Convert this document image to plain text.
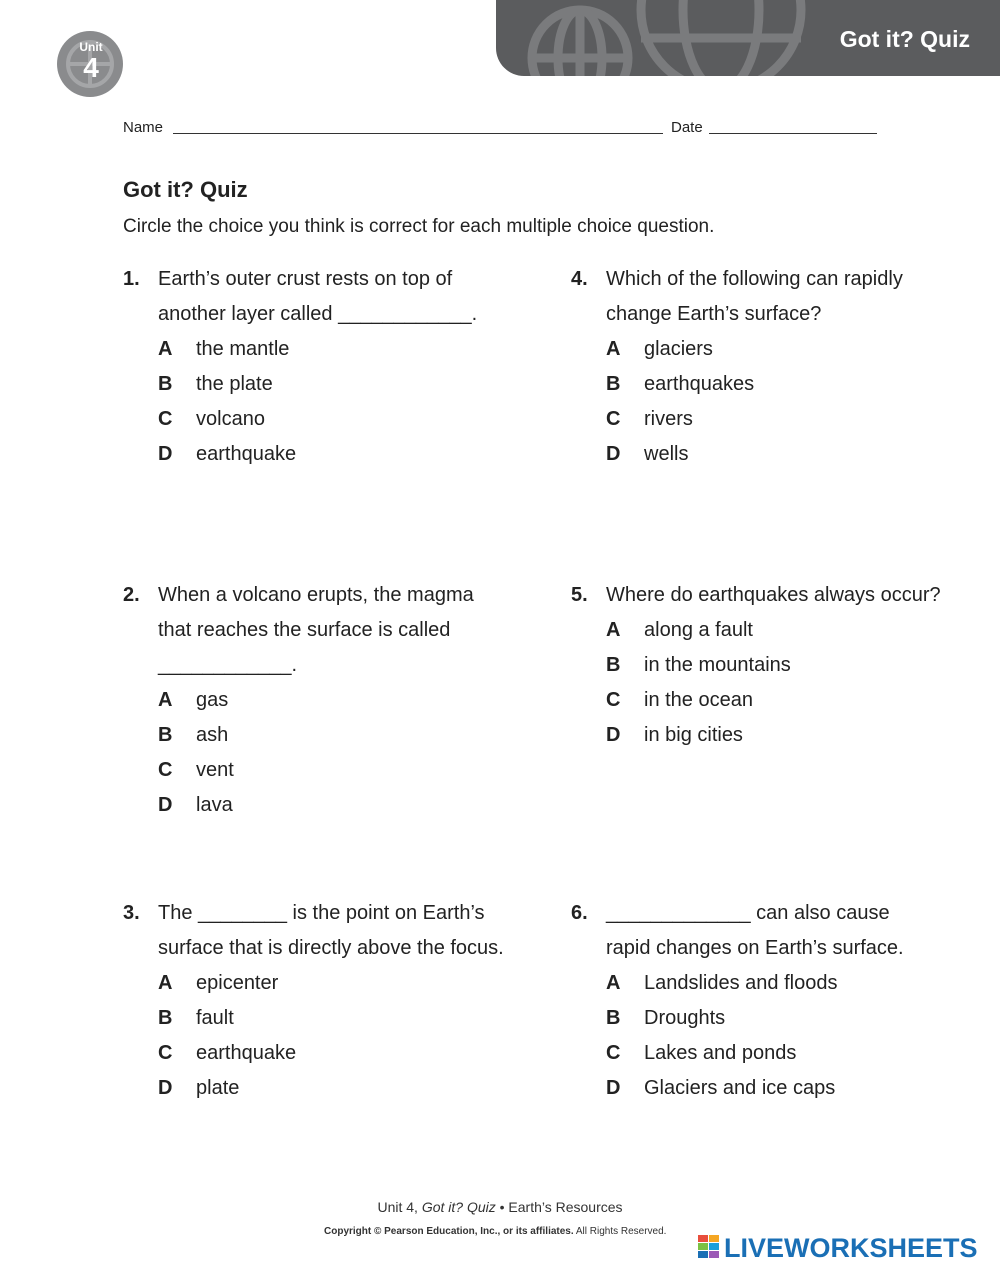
Got it? Quiz
Unit
4
Name	Date
Got it? Quiz
Circle the choice you think is correct for each multiple choice question.
1. Earth’s outer crust rests on top of
another layer called ____________.
A the mantle
B the plate
C volcano
D earthquake
2. When a volcano erupts, the magma
that reaches the surface is called
____________.
A gas
B ash
C vent
D lava
3. The ________ is the point on Earth’s
surface that is directly above the focus.
A epicenter
B fault
C earthquake
D plate
4. Which of the following can rapidly
change Earth’s surface?
A glaciers
B earthquakes
C rivers
D wells
5. Where do earthquakes always occur?
A along a fault
B in the mountains
C in the ocean
D in big cities
6. _____________ can also cause
rapid changes on Earth’s surface.
A Landslides and floods
B Droughts
C Lakes and ponds
D Glaciers and ice caps
Unit 4, Got it? Quiz • Earth’s Resources
Copyright © Pearson Education, Inc., or its affiliates. All Rights Reserved.
LIVEWORKSHEETS
